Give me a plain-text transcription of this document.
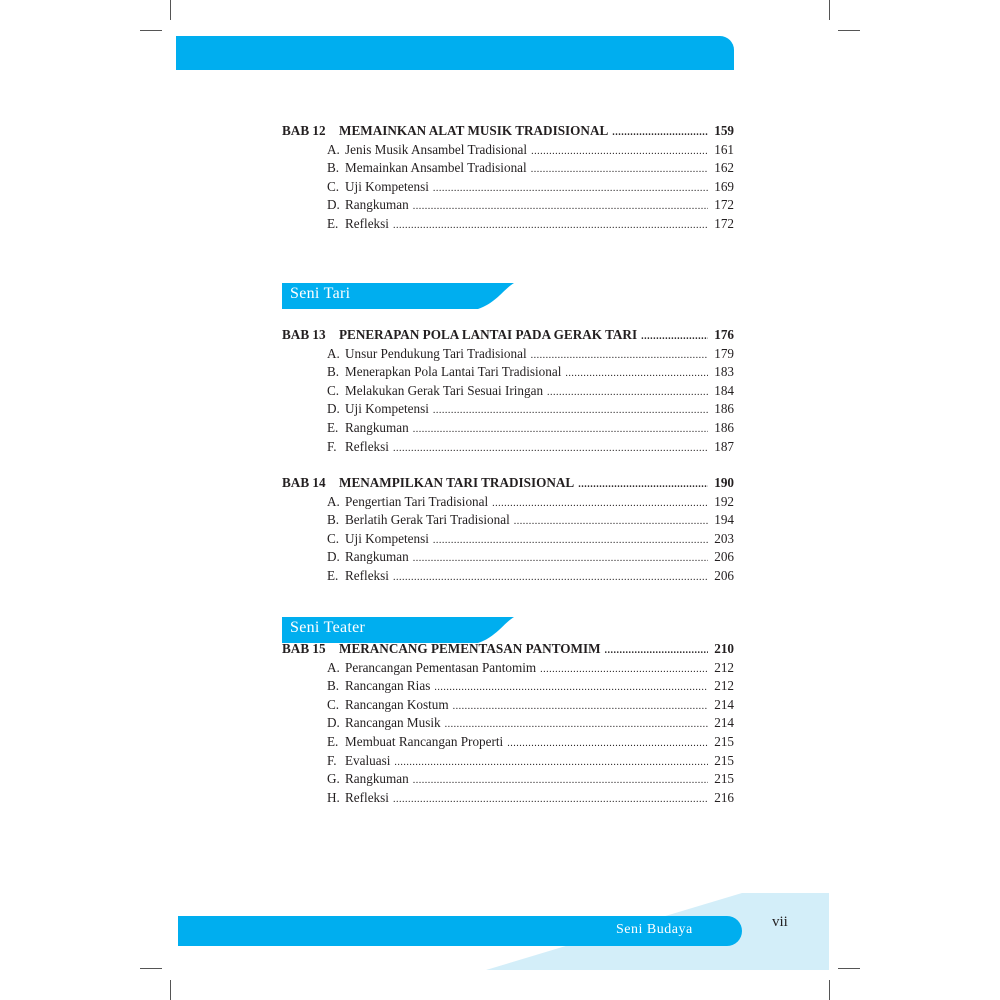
BAB 12	MEMAINKAN ALAT MUSIK TRADISIONAL .....	159
A. Jenis Musik Ansambel Tradisional .....	161
B. Memainkan Ansambel Tradisional .....	162
C. Uji Kompetensi .....	169
D. Rangkuman .....	172
E. Refleksi .....	172
Seni Tari
BAB 13	PENERAPAN POLA LANTAI PADA GERAK TARI .....	176
A. Unsur Pendukung Tari Tradisional .....	179
B. Menerapkan Pola Lantai Tari Tradisional .....	183
C. Melakukan Gerak Tari Sesuai Iringan .....	184
D. Uji Kompetensi .....	186
E. Rangkuman .....	186
F. Refleksi .....	187
BAB 14	MENAMPILKAN TARI TRADISIONAL .....	190
A. Pengertian Tari Tradisional .....	192
B. Berlatih Gerak Tari Tradisional .....	194
C. Uji Kompetensi .....	203
D. Rangkuman .....	206
E. Refleksi .....	206
Seni Teater
BAB 15	MERANCANG PEMENTASAN PANTOMIM .....	210
A. Perancangan Pementasan Pantomim .....	212
B. Rancangan Rias .....	212
C. Rancangan Kostum .....	214
D. Rancangan Musik .....	214
E. Membuat Rancangan Properti .....	215
F. Evaluasi .....	215
G. Rangkuman .....	215
H. Refleksi .....	216
Seni Budaya	vii
